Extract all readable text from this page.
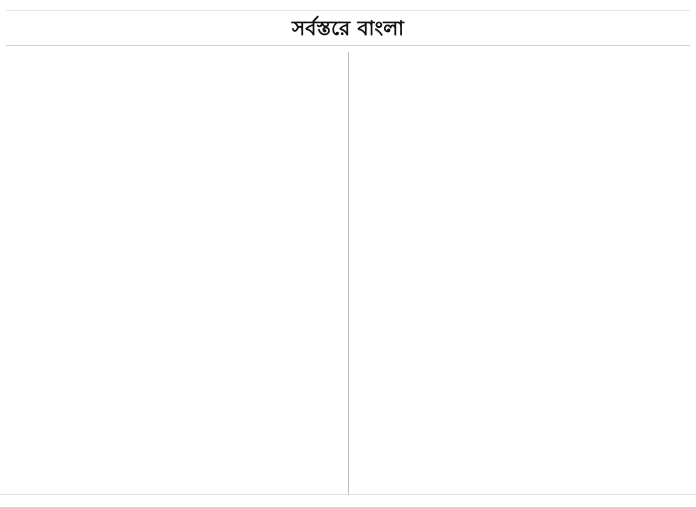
সর্বস্তরে বাংলা
